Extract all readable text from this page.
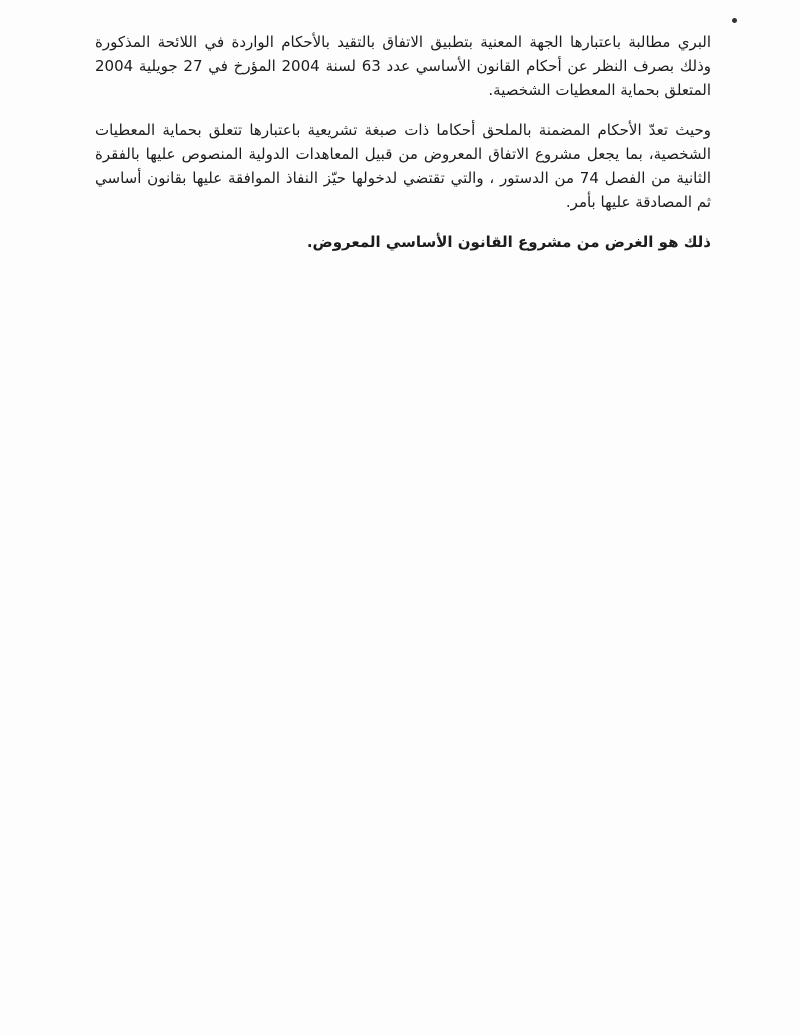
البري مطالبة باعتبارها الجهة المعنية بتطبيق الاتفاق بالتقيد بالأحكام الواردة في اللائحة المذكورة وذلك بصرف النظر عن أحكام القانون الأساسي عدد 63 لسنة 2004 المؤرخ في 27 جويلية 2004 المتعلق بحماية المعطيات الشخصية.

وحيث تعدّ الأحكام المضمنة بالملحق أحكاما ذات صبغة تشريعية باعتبارها تتعلق بحماية المعطيات الشخصية، بما يجعل مشروع الاتفاق المعروض من قبيل المعاهدات الدولية المنصوص عليها بالفقرة الثانية من الفصل 74 من الدستور ، والتي تقتضي لدخولها حيّز النفاذ الموافقة عليها بقانون أساسي ثم المصادقة عليها بأمر.

ذلك هو الغرض من مشروع القانون الأساسي المعروض.
